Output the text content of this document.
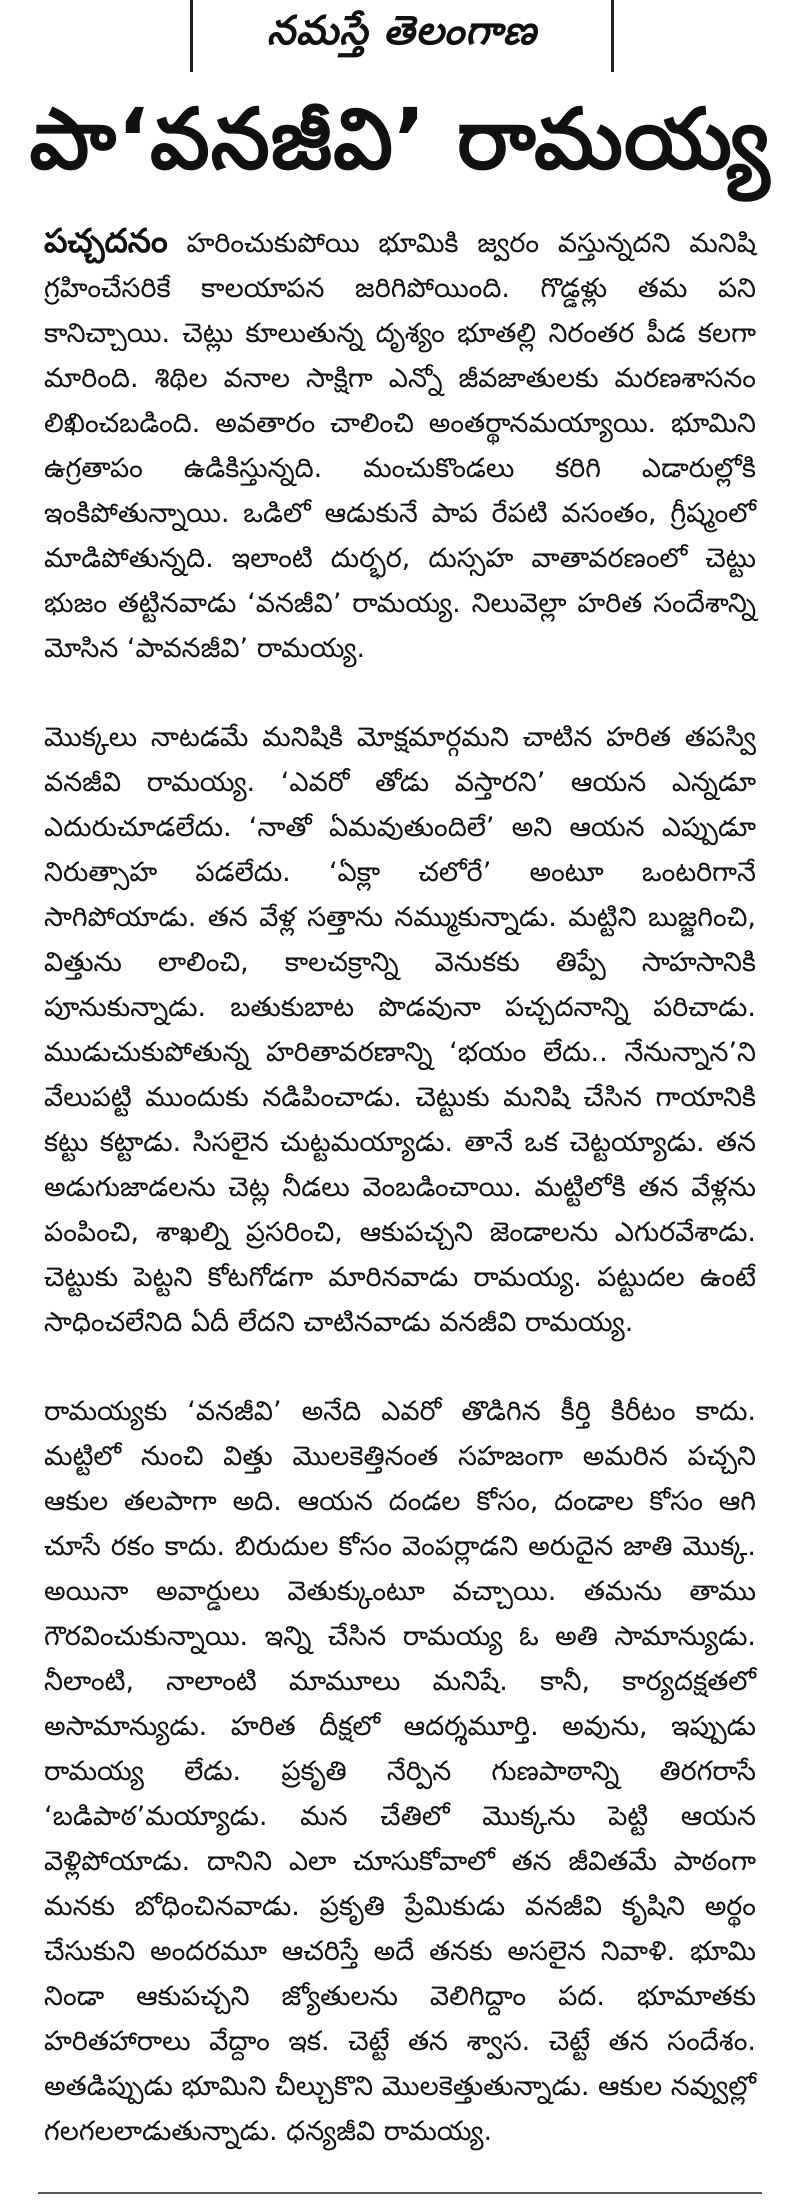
నమస్తే తెలంగాణ
పా‘వనజీవి’ రామయ్య

పచ్చదనం హరించుకుపోయి భూమికి జ్వరం వస్తున్నదని మనిషి గ్రహించేసరికే కాలయాపన జరిగిపోయింది. గొడ్డళ్లు తమ పని కానిచ్చాయి. చెట్లు కూలుతున్న దృశ్యం భూతల్లి నిరంతర పీడ కలగా మారింది. శిథిల వనాల సాక్షిగా ఎన్నో జీవజాతులకు మరణశాసనం లిఖించబడింది. అవతారం చాలించి అంతర్థానమయ్యాయి. భూమిని ఉగ్రతాపం ఉడికిస్తున్నది. మంచుకొండలు కరిగి ఎడారుల్లోకి ఇంకిపోతున్నాయి. ఒడిలో ఆడుకునే పాప రేపటి వసంతం, గ్రీష్మంలో మాడిపోతున్నది. ఇలాంటి దుర్భర, దుస్సహ వాతావరణంలో చెట్టు భుజం తట్టినవాడు ‘వనజీవి’ రామయ్య. నిలువెల్లా హరిత సందేశాన్ని మోసిన ‘పావనజీవి’ రామయ్య.

మొక్కలు నాటడమే మనిషికి మోక్షమార్గమని చాటిన హరిత తపస్వి వనజీవి రామయ్య. ‘ఎవరో తోడు వస్తారని’ ఆయన ఎన్నడూ ఎదురుచూడలేదు. ‘నాతో ఏమవుతుందిలే’ అని ఆయన ఎప్పుడూ నిరుత్సాహ పడలేదు. ‘ఏక్లా చలోరే’ అంటూ ఒంటరిగానే సాగిపోయాడు. తన వేళ్ల సత్తాను నమ్ముకున్నాడు. మట్టిని బుజ్జగించి, విత్తును లాలించి, కాలచక్రాన్ని వెనుకకు తిప్పే సాహసానికి పూనుకున్నాడు. బతుకుబాట పొడవునా పచ్చదనాన్ని పరిచాడు. ముడుచుకుపోతున్న హరితావరణాన్ని ‘భయం లేదు.. నేనున్నాన’ని వేలుపట్టి ముందుకు నడిపించాడు. చెట్టుకు మనిషి చేసిన గాయానికి కట్టు కట్టాడు. సిసలైన చుట్టమయ్యాడు. తానే ఒక చెట్టయ్యాడు. తన అడుగుజాడలను చెట్ల నీడలు వెంబడించాయి. మట్టిలోకి తన వేళ్లను పంపించి, శాఖల్ని ప్రసరించి, ఆకుపచ్చని జెండాలను ఎగురవేశాడు. చెట్టుకు పెట్టని కోటగోడగా మారినవాడు రామయ్య. పట్టుదల ఉంటే సాధించలేనిది ఏదీ లేదని చాటినవాడు వనజీవి రామయ్య.

రామయ్యకు ‘వనజీవి’ అనేది ఎవరో తొడిగిన కీర్తి కిరీటం కాదు. మట్టిలో నుంచి విత్తు మొలకెత్తినంత సహజంగా అమరిన పచ్చని ఆకుల తలపాగా అది. ఆయన దండల కోసం, దండాల కోసం ఆగి చూసే రకం కాదు. బిరుదుల కోసం వెంపర్లాడని అరుదైన జాతి మొక్క. అయినా అవార్డులు వెతుక్కుంటూ వచ్చాయి. తమను తాము గౌరవించుకున్నాయి. ఇన్ని చేసిన రామయ్య ఓ అతి సామాన్యుడు. నీలాంటి, నాలాంటి మామూలు మనిషే. కానీ, కార్యదక్షతలో అసామాన్యుడు. హరిత దీక్షలో ఆదర్శమూర్తి. అవును, ఇప్పుడు రామయ్య లేడు. ప్రకృతి నేర్పిన గుణపాఠాన్ని తిరగరాసే ‘బడిపాఠ’మయ్యాడు. మన చేతిలో మొక్కను పెట్టి ఆయన వెళ్లిపోయాడు. దానిని ఎలా చూసుకోవాలో తన జీవితమే పాఠంగా మనకు బోధించినవాడు. ప్రకృతి ప్రేమికుడు వనజీవి కృషిని అర్థం చేసుకుని అందరమూ ఆచరిస్తే అదే తనకు అసలైన నివాళి. భూమి నిండా ఆకుపచ్చని జ్యోతులను వెలిగిద్దాం పద. భూమాతకు హరితహారాలు వేద్దాం ఇక. చెట్టే తన శ్వాస. చెట్టే తన సందేశం. అతడిప్పుడు భూమిని చీల్చుకొని మొలకెత్తుతున్నాడు. ఆకుల నవ్వుల్లో గలగలలాడుతున్నాడు. ధన్యజీవి రామయ్య.
